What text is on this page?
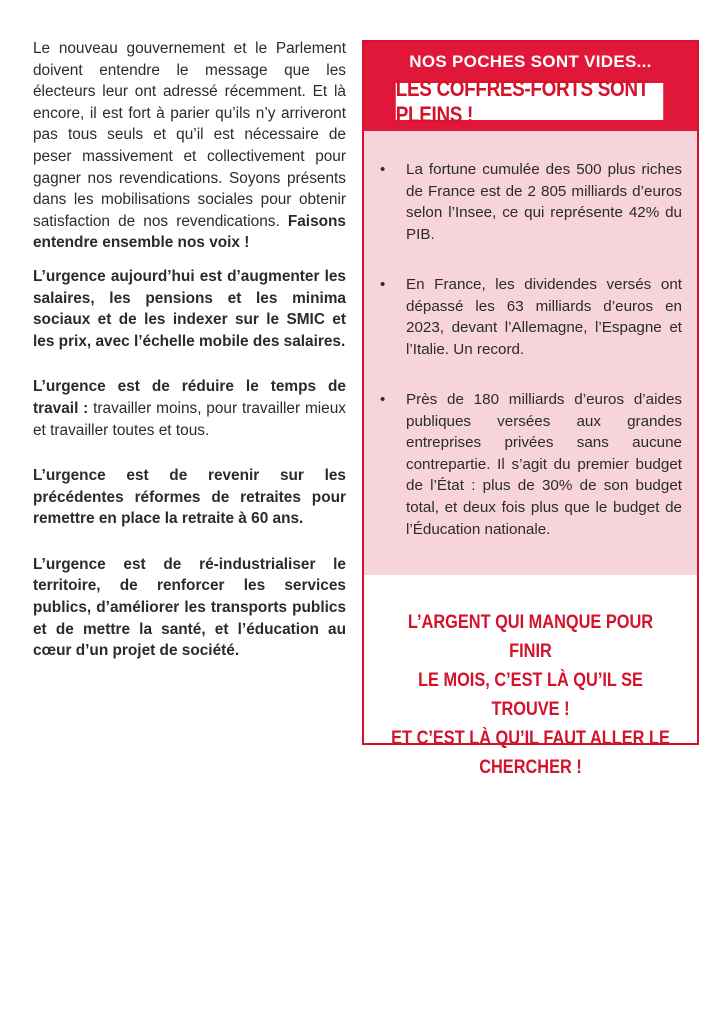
Le nouveau gouvernement et le Parlement doivent entendre le message que les électeurs leur ont adressé récemment. Et là encore, il est fort à parier qu’ils n’y arriveront pas tous seuls et qu’il est nécessaire de peser massivement et collectivement pour gagner nos revendications. Soyons présents dans les mobilisations sociales pour obtenir satisfaction de nos revendications. Faisons entendre ensemble nos voix !

L’urgence aujourd’hui est d’augmenter les salaires, les pensions et les minima sociaux et de les indexer sur le SMIC et les prix, avec l’échelle mobile des salaires.

L’urgence est de réduire le temps de travail : travailler moins, pour travailler mieux et travailler toutes et tous.

L’urgence est de revenir sur les précédentes réformes de retraites pour remettre en place la retraite à 60 ans.

L’urgence est de ré-industrialiser le territoire, de renforcer les services publics, d’améliorer les transports publics et de mettre la santé, et l’éducation au cœur d’un projet de société.

NOS POCHES SONT VIDES...
LES COFFRES-FORTS SONT PLEINS !
• La fortune cumulée des 500 plus riches de France est de 2 805 milliards d’euros selon l’Insee, ce qui représente 42% du PIB.
• En France, les dividendes versés ont dépassé les 63 milliards d’euros en 2023, devant l’Allemagne, l’Espagne et l’Italie. Un record.
• Près de 180 milliards d’euros d’aides publiques versées aux grandes entreprises privées sans aucune contrepartie. Il s’agit du premier budget de l’État : plus de 30% de son budget total, et deux fois plus que le budget de l’Éducation nationale.
L’ARGENT QUI MANQUE POUR FINIR
LE MOIS, C’EST LÀ QU’IL SE TROUVE !
ET C’EST LÀ QU’IL FAUT ALLER LE
CHERCHER !
